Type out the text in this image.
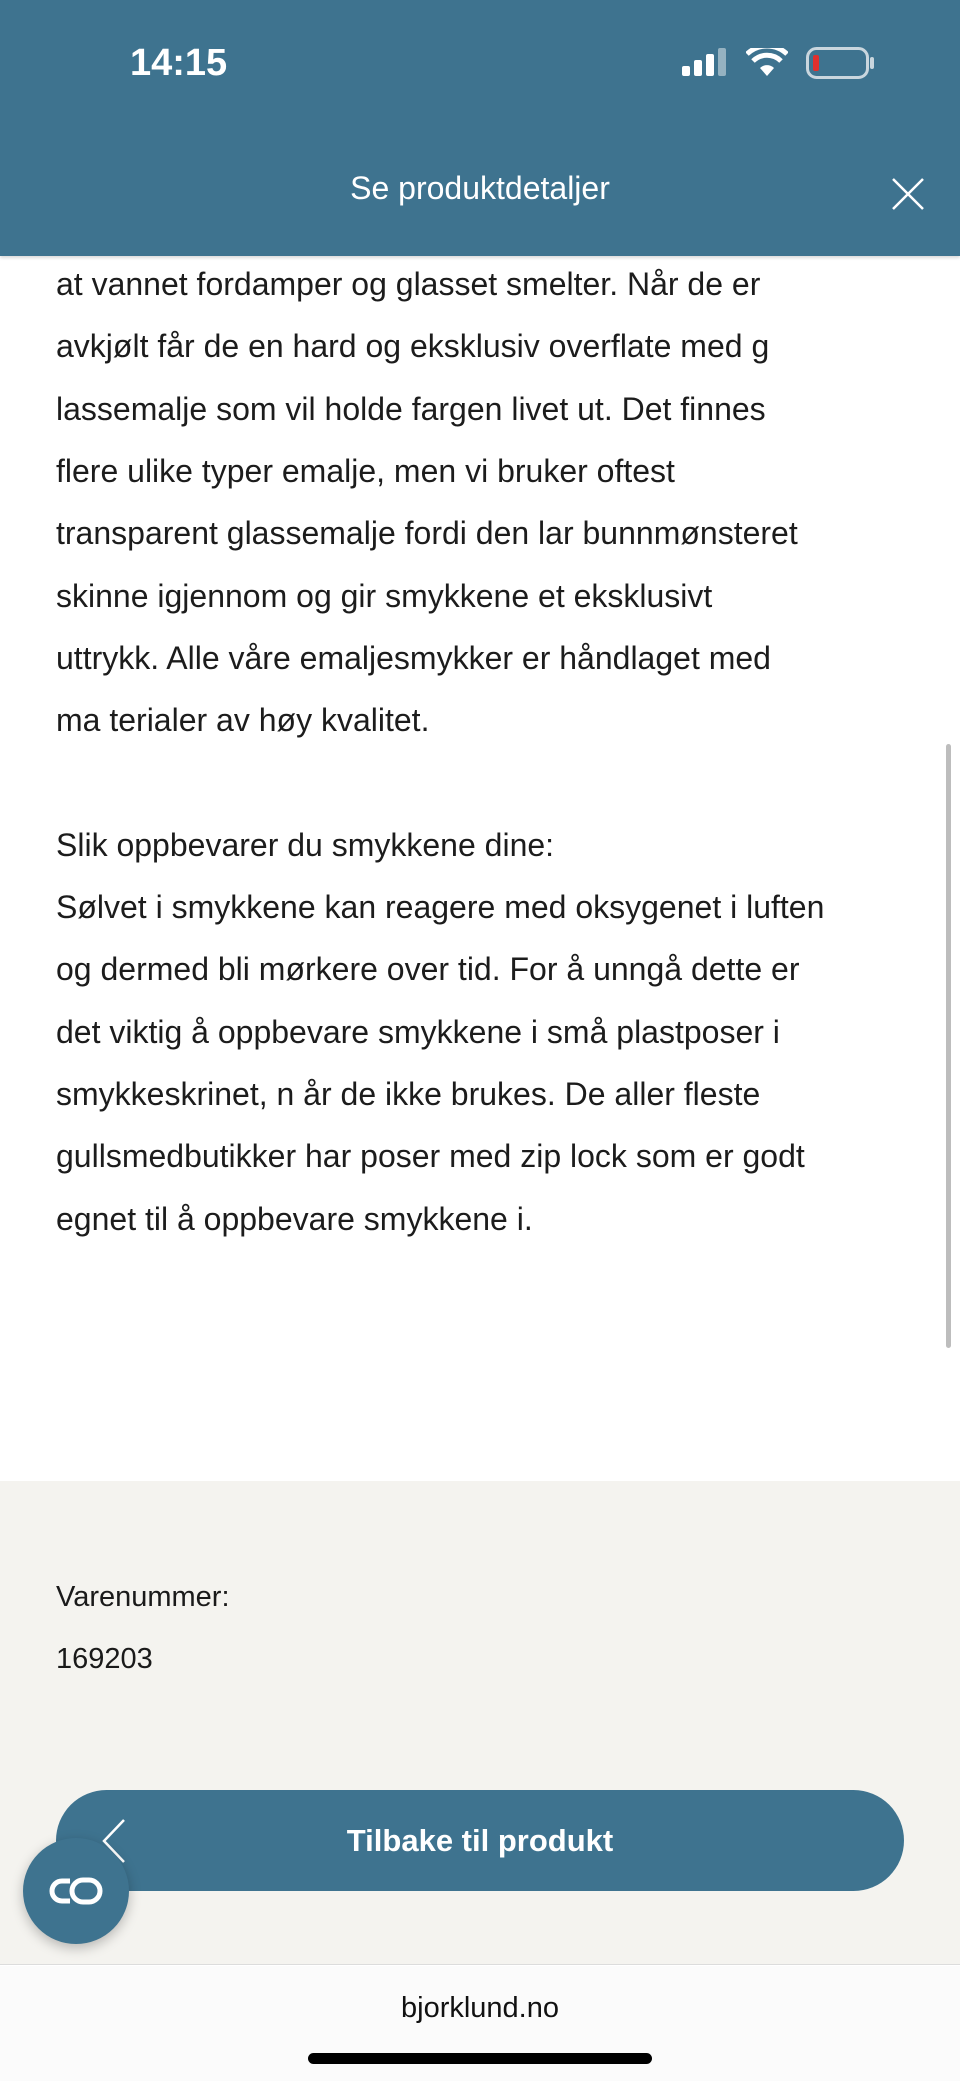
at vannet fordamper og glasset smelter. Når de er
avkjølt får de en hard og eksklusiv overflate med g
lassemalje som vil holde fargen livet ut. Det finnes
flere ulike typer emalje, men vi bruker oftest
transparent glassemalje fordi den lar bunnmønsteret
skinne igjennom og gir smykkene et eksklusivt
uttrykk. Alle våre emaljesmykker er håndlaget med
ma terialer av høy kvalitet.
Slik oppbevarer du smykkene dine:
Sølvet i smykkene kan reagere med oksygenet i luften
og dermed bli mørkere over tid. For å unngå dette er
det viktig å oppbevare smykkene i små plastposer i
smykkeskrinet, n år de ikke brukes. De aller fleste
gullsmedbutikker har poser med zip lock som er godt
egnet til å oppbevare smykkene i.
14:15
Se produktdetaljer
Varenummer:
169203
Tilbake til produkt
bjorklund.no
